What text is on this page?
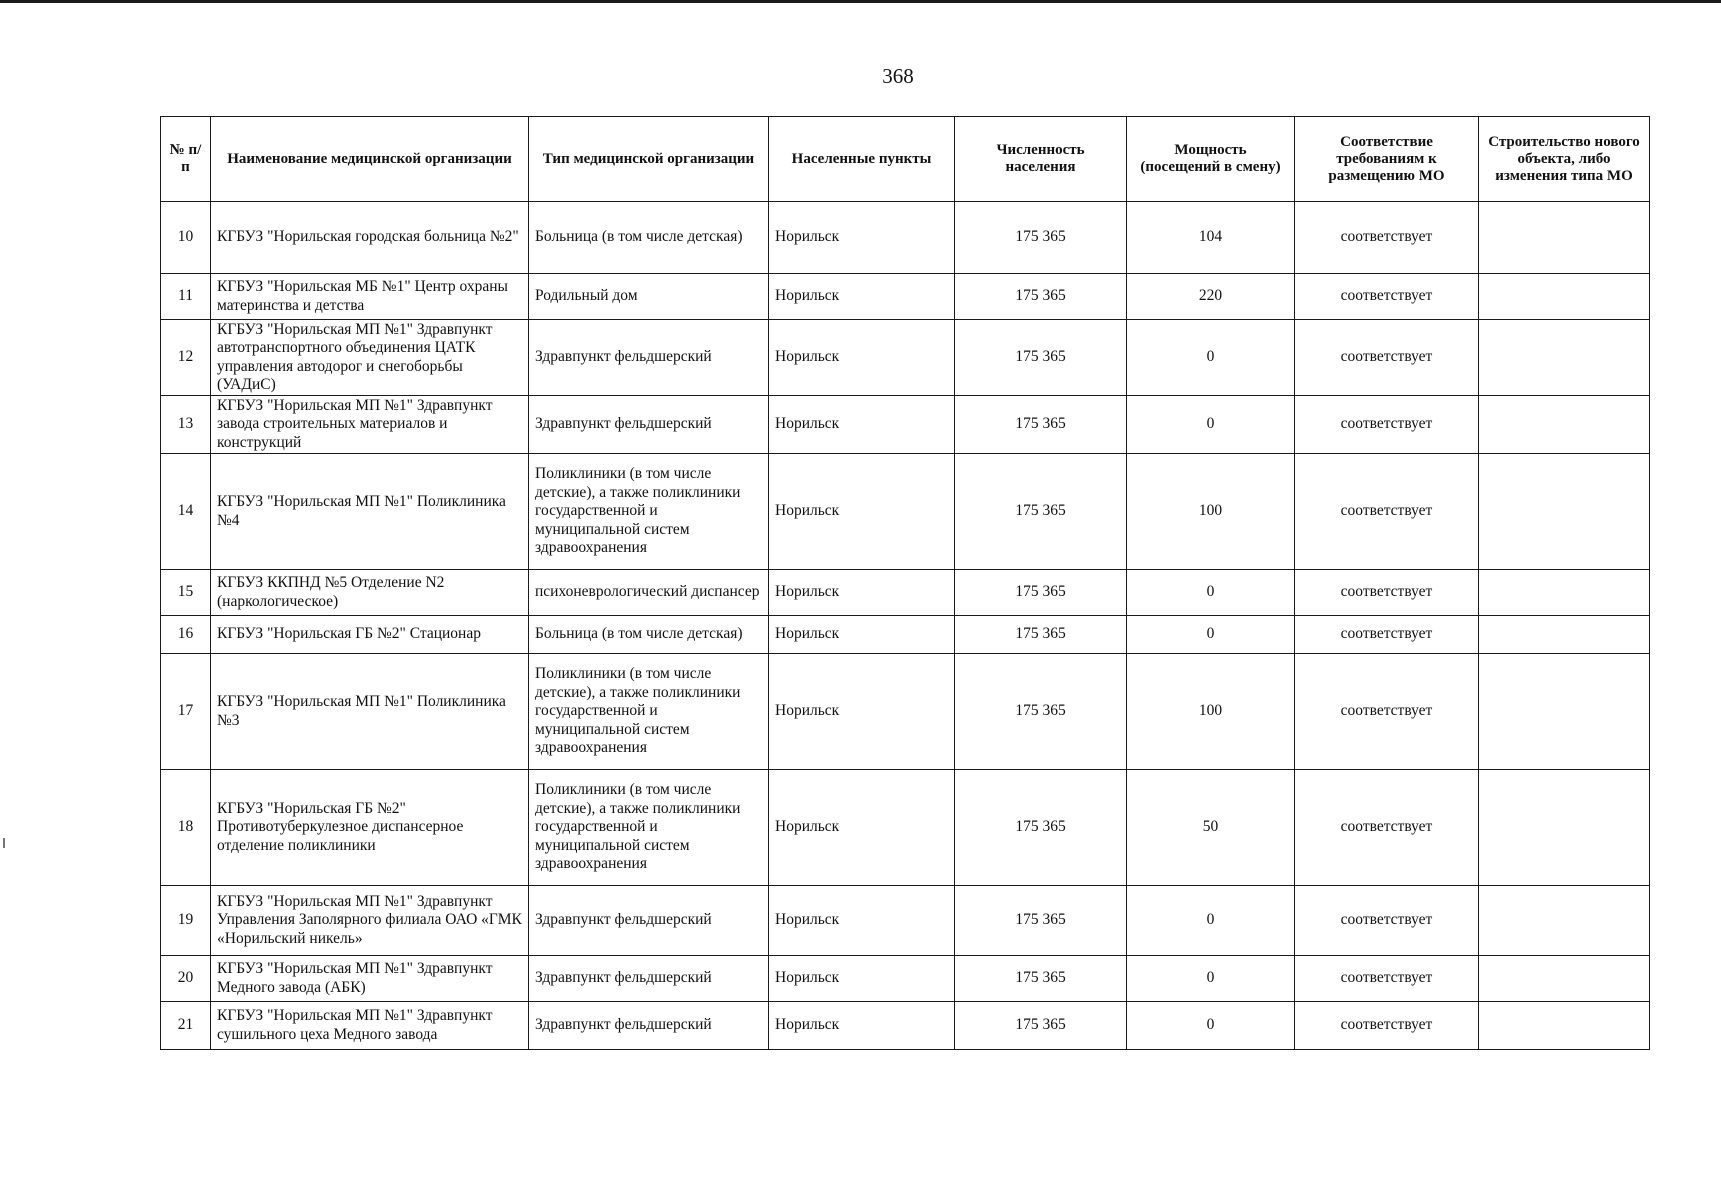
368
№ п/п	Наименование медицинской организации	Тип медицинской организации	Населенные пункты	Численность населения	Мощность (посещений в смену)	Соответствие требованиям к размещению МО	Строительство нового объекта, либо изменения типа МО
10	КГБУЗ "Норильская городская больница №2"	Больница (в том числе детская)	Норильск	175 365	104	соответствует	
11	КГБУЗ "Норильская МБ №1" Центр охраны материнства и детства	Родильный дом	Норильск	175 365	220	соответствует	
12	КГБУЗ "Норильская МП №1" Здравпункт автотранспортного объединения ЦАТК управления автодорог и снегоборьбы (УАДиС)	Здравпункт фельдшерский	Норильск	175 365	0	соответствует	
13	КГБУЗ "Норильская МП №1" Здравпункт завода строительных материалов и конструкций	Здравпункт фельдшерский	Норильск	175 365	0	соответствует	
14	КГБУЗ "Норильская МП №1" Поликлиника №4	Поликлиники (в том числе детские), а также поликлиники государственной и муниципальной систем здравоохранения	Норильск	175 365	100	соответствует	
15	КГБУЗ ККПНД №5 Отделение N2 (наркологическое)	психоневрологический диспансер	Норильск	175 365	0	соответствует	
16	КГБУЗ "Норильская ГБ №2" Стационар	Больница (в том числе детская)	Норильск	175 365	0	соответствует	
17	КГБУЗ "Норильская МП №1" Поликлиника №3	Поликлиники (в том числе детские), а также поликлиники государственной и муниципальной систем здравоохранения	Норильск	175 365	100	соответствует	
18	КГБУЗ "Норильская ГБ №2" Противотуберкулезное диспансерное отделение поликлиники	Поликлиники (в том числе детские), а также поликлиники государственной и муниципальной систем здравоохранения	Норильск	175 365	50	соответствует	
19	КГБУЗ "Норильская МП №1" Здравпункт Управления Заполярного филиала ОАО «ГМК «Норильский никель»	Здравпункт фельдшерский	Норильск	175 365	0	соответствует	
20	КГБУЗ "Норильская МП №1" Здравпункт Медного завода (АБК)	Здравпункт фельдшерский	Норильск	175 365	0	соответствует	
21	КГБУЗ "Норильская МП №1" Здравпункт сушильного цеха Медного завода	Здравпункт фельдшерский	Норильск	175 365	0	соответствует	
